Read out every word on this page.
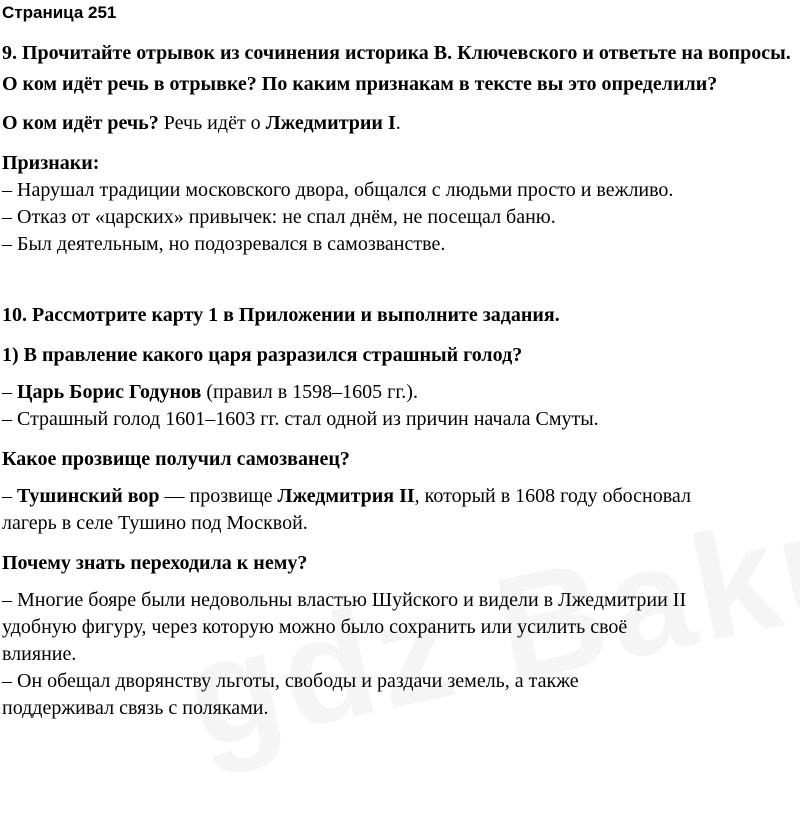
Страница 251

9. Прочитайте отрывок из сочинения историка В. Ключевского и ответьте на вопросы. О ком идёт речь в отрывке? По каким признакам в тексте вы это определили?

О ком идёт речь? Речь идёт о Лжедмитрии I.
Признаки:
– Нарушал традиции московского двора, общался с людьми просто и вежливо.
– Отказ от «царских» привычек: не спал днём, не посещал баню.
– Был деятельным, но подозревался в самозванстве.
10. Рассмотрите карту 1 в Приложении и выполните задания.
1) В правление какого царя разразился страшный голод?
– Царь Борис Годунов (правил в 1598–1605 гг.).
– Страшный голод 1601–1603 гг. стал одной из причин начала Смуты.
Какое прозвище получил самозванец?
– Тушинский вор — прозвище Лжедмитрия II, который в 1608 году обосновал
лагерь в селе Тушино под Москвой.
Почему знать переходила к нему?
– Многие бояре были недовольны властью Шуйского и видели в Лжедмитрии II
удобную фигуру, через которую можно было сохранить или усилить своё
влияние.
– Он обещал дворянству льготы, свободы и раздачи земель, а также
поддерживал связь с поляками.
